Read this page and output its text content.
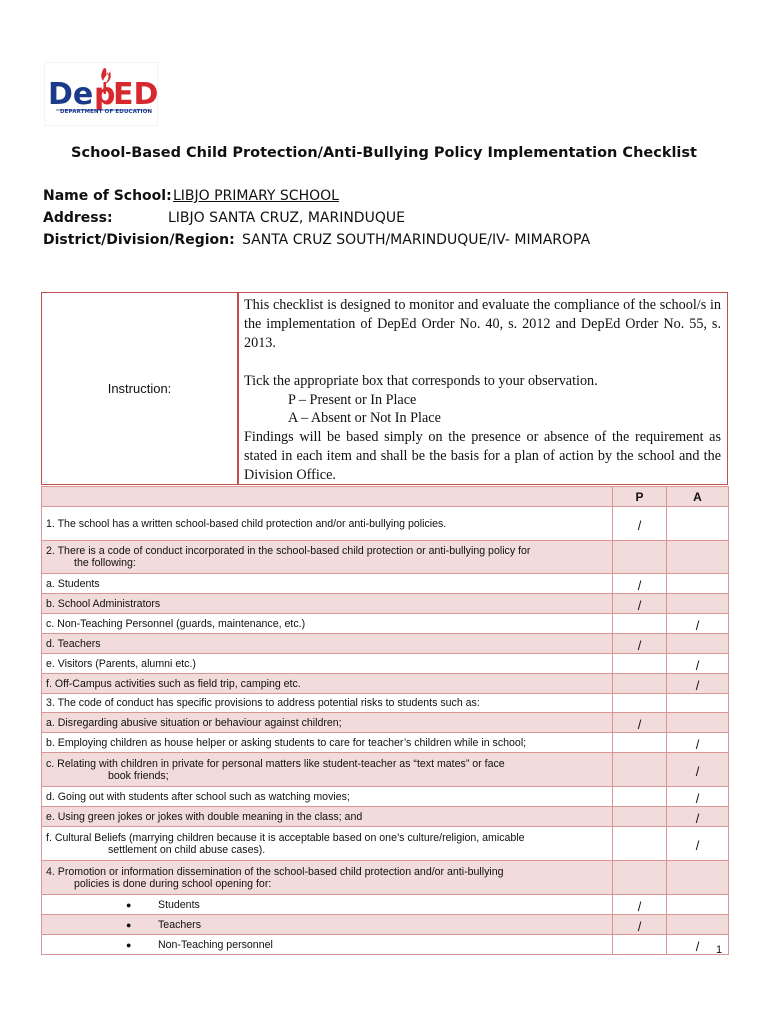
De p
ED
DEPARTMENT OF EDUCATION
School-Based Child Protection/Anti-Bullying Policy Implementation Checklist
Name of School: LIBJO PRIMARY SCHOOL
Address:	LIBJO SANTA CRUZ, MARINDUQUE
District/Division/Region: SANTA CRUZ SOUTH/MARINDUQUE/IV- MIMAROPA
Instruction:

This checklist is designed to monitor and evaluate the compliance of the school/s in the implementation of DepEd Order No. 40, s. 2012 and DepEd Order No. 55, s. 2013.

Tick the appropriate box that corresponds to your observation.

P – Present or In Place

A – Absent or Not In Place

Findings will be based simply on the presence or absence of the requirement as stated in each item and shall be the basis for a plan of action by the school and the Division Office.

	P	A
1. The school has a written school-based child protection and/or anti-bullying policies.	/	
2. There is a code of conduct incorporated in the school-based child protection or anti-bullying policy for
the following:		

a. Students	/	
b. School Administrators	/	
c. Non-Teaching Personnel (guards, maintenance, etc.)		/
d. Teachers	/	
e. Visitors (Parents, alumni etc.)		/
f. Off-Campus activities such as field trip, camping etc.		/
3. The code of conduct has specific provisions to address potential risks to students such as:		
a. Disregarding abusive situation or behaviour against children;	/	
b. Employing children as house helper or asking students to care for teacher’s children while in school;		/
c. Relating with children in private for personal matters like student-teacher as “text mates” or face
book friends;		/
d. Going out with students after school such as watching movies;		/
e. Using green jokes or jokes with double meaning in the class; and		/
f. Cultural Beliefs (marrying children because it is acceptable based on one’s culture/religion, amicable
settlement on child abuse cases).		/
4. Promotion or information dissemination of the school-based child protection and/or anti-bullying
policies is done during school opening for:		

● Students	/	
● Teachers	/	
● Non-Teaching personnel		/ 1
